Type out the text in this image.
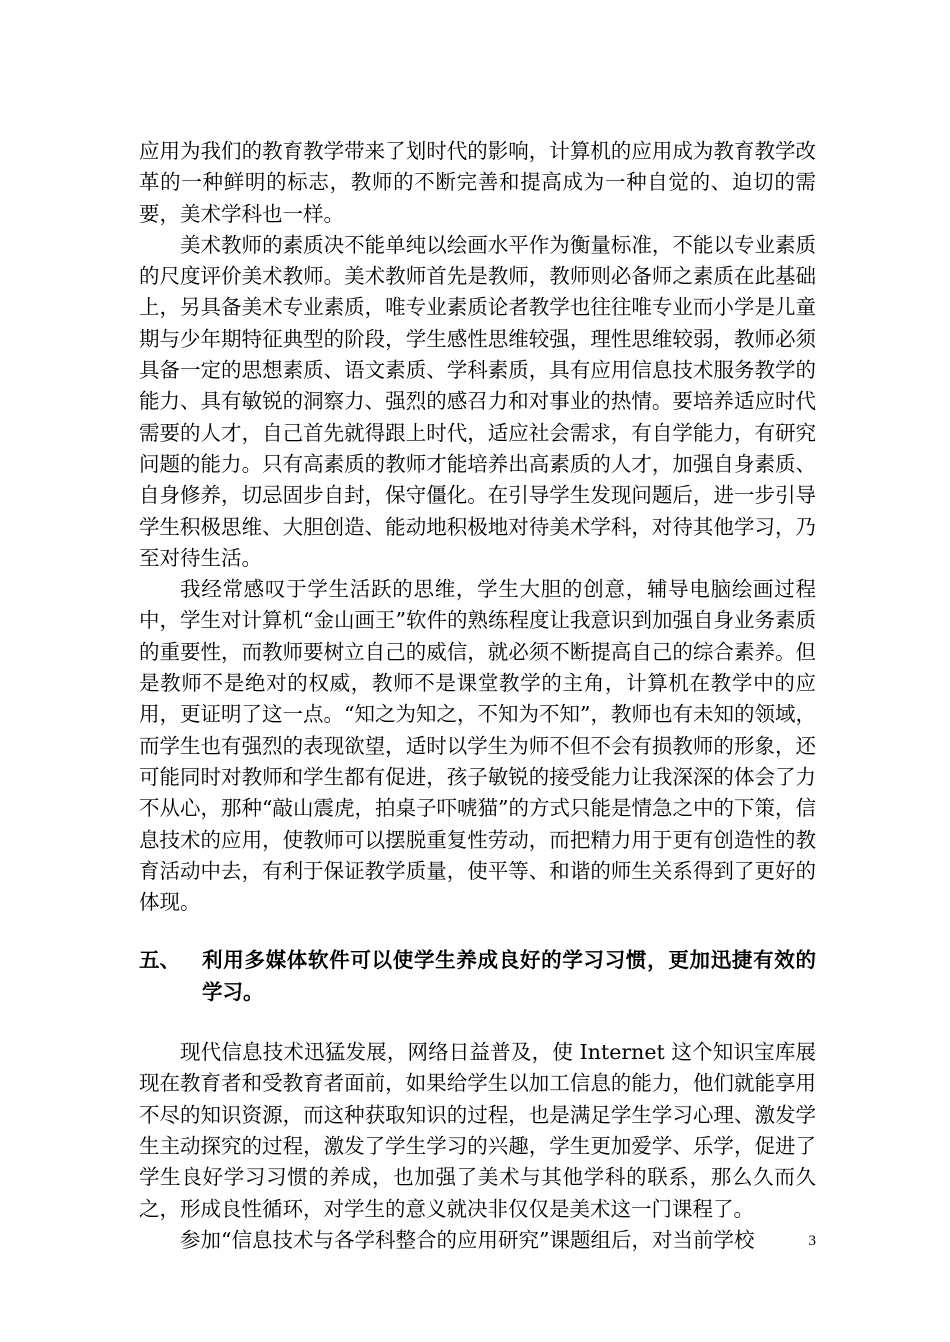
应用为我们的教育教学带来了划时代的影响，计算机的应用成为教育教学改革的一种鲜明的标志，教师的不断完善和提高成为一种自觉的、迫切的需要，美术学科也一样。

美术教师的素质决不能单纯以绘画水平作为衡量标准，不能以专业素质的尺度评价美术教师。美术教师首先是教师，教师则必备师之素质在此基础上，另具备美术专业素质，唯专业素质论者教学也往往唯专业而小学是儿童期与少年期特征典型的阶段，学生感性思维较强，理性思维较弱，教师必须具备一定的思想素质、语文素质、学科素质，具有应用信息技术服务教学的能力、具有敏锐的洞察力、强烈的感召力和对事业的热情。要培养适应时代需要的人才，自己首先就得跟上时代，适应社会需求，有自学能力，有研究问题的能力。只有高素质的教师才能培养出高素质的人才，加强自身素质、自身修养，切忌固步自封，保守僵化。在引导学生发现问题后，进一步引导学生积极思维、大胆创造、能动地积极地对待美术学科，对待其他学习，乃至对待生活。

我经常感叹于学生活跃的思维，学生大胆的创意，辅导电脑绘画过程中，学生对计算机“金山画王”软件的熟练程度让我意识到加强自身业务素质的重要性，而教师要树立自己的威信，就必须不断提高自己的综合素养。但是教师不是绝对的权威，教师不是课堂教学的主角，计算机在教学中的应用，更证明了这一点。“知之为知之，不知为不知”，教师也有未知的领域，而学生也有强烈的表现欲望，适时以学生为师不但不会有损教师的形象，还可能同时对教师和学生都有促进，孩子敏锐的接受能力让我深深的体会了力不从心，那种“敲山震虎，拍桌子吓唬猫”的方式只能是情急之中的下策，信息技术的应用，使教师可以摆脱重复性劳动，而把精力用于更有创造性的教育活动中去，有利于保证教学质量，使平等、和谐的师生关系得到了更好的体现。

五、	利用多媒体软件可以使学生养成良好的学习习惯，更加迅捷有效的学习。

现代信息技术迅猛发展，网络日益普及，使 Internet 这个知识宝库展现在教育者和受教育者面前，如果给学生以加工信息的能力，他们就能享用不尽的知识资源，而这种获取知识的过程，也是满足学生学习心理、激发学生主动探究的过程，激发了学生学习的兴趣，学生更加爱学、乐学，促进了学生良好学习习惯的养成，也加强了美术与其他学科的联系，那么久而久之，形成良性循环，对学生的意义就决非仅仅是美术这一门课程了。

参加“信息技术与各学科整合的应用研究”课题组后，对当前学校	3
